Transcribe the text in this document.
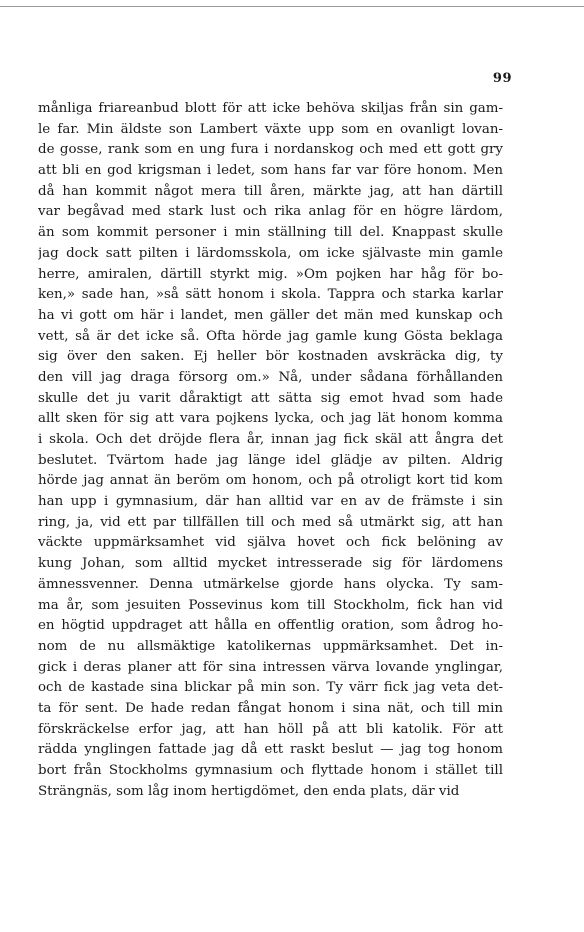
99
månliga friareanbud blott för att icke behöva skiljas från sin gam-
le far. Min äldste son Lambert växte upp som en ovanligt lovan-
de gosse, rank som en ung fura i nordanskog och med ett gott gry
att bli en god krigsman i ledet, som hans far var före honom. Men
då han kommit något mera till åren, märkte jag, att han därtill
var begåvad med stark lust och rika anlag för en högre lärdom,
än som kommit personer i min ställning till del. Knappast skulle
jag dock satt pilten i lärdomsskola, om icke självaste min gamle
herre, amiralen, därtill styrkt mig. »Om pojken har håg för bo-
ken,» sade han, »så sätt honom i skola. Tappra och starka karlar
ha vi gott om här i landet, men gäller det män med kunskap och
vett, så är det icke så. Ofta hörde jag gamle kung Gösta beklaga
sig över den saken. Ej heller bör kostnaden avskräcka dig, ty
den vill jag draga försorg om.» Nå, under sådana förhållanden
skulle det ju varit dåraktigt att sätta sig emot hvad som hade
allt sken för sig att vara pojkens lycka, och jag lät honom komma
i skola. Och det dröjde flera år, innan jag fick skäl att ångra det
beslutet. Tvärtom hade jag länge idel glädje av pilten. Aldrig
hörde jag annat än beröm om honom, och på otroligt kort tid kom
han upp i gymnasium, där han alltid var en av de främste i sin
ring, ja, vid ett par tillfällen till och med så utmärkt sig, att han
väckte uppmärksamhet vid själva hovet och fick belöning av
kung Johan, som alltid mycket intresserade sig för lärdomens
ämnessvenner. Denna utmärkelse gjorde hans olycka. Ty sam-
ma år, som jesuiten Possevinus kom till Stockholm, fick han vid
en högtid uppdraget att hålla en offentlig oration, som ådrog ho-
nom de nu allsmäktige katolikernas uppmärksamhet. Det in-
gick i deras planer att för sina intressen värva lovande ynglingar,
och de kastade sina blickar på min son. Ty värr fick jag veta det-
ta för sent. De hade redan fångat honom i sina nät, och till min
förskräckelse erfor jag, att han höll på att bli katolik. För att
rädda ynglingen fattade jag då ett raskt beslut — jag tog honom
bort från Stockholms gymnasium och flyttade honom i stället till
Strängnäs, som låg inom hertigdömet, den enda plats, där vid
